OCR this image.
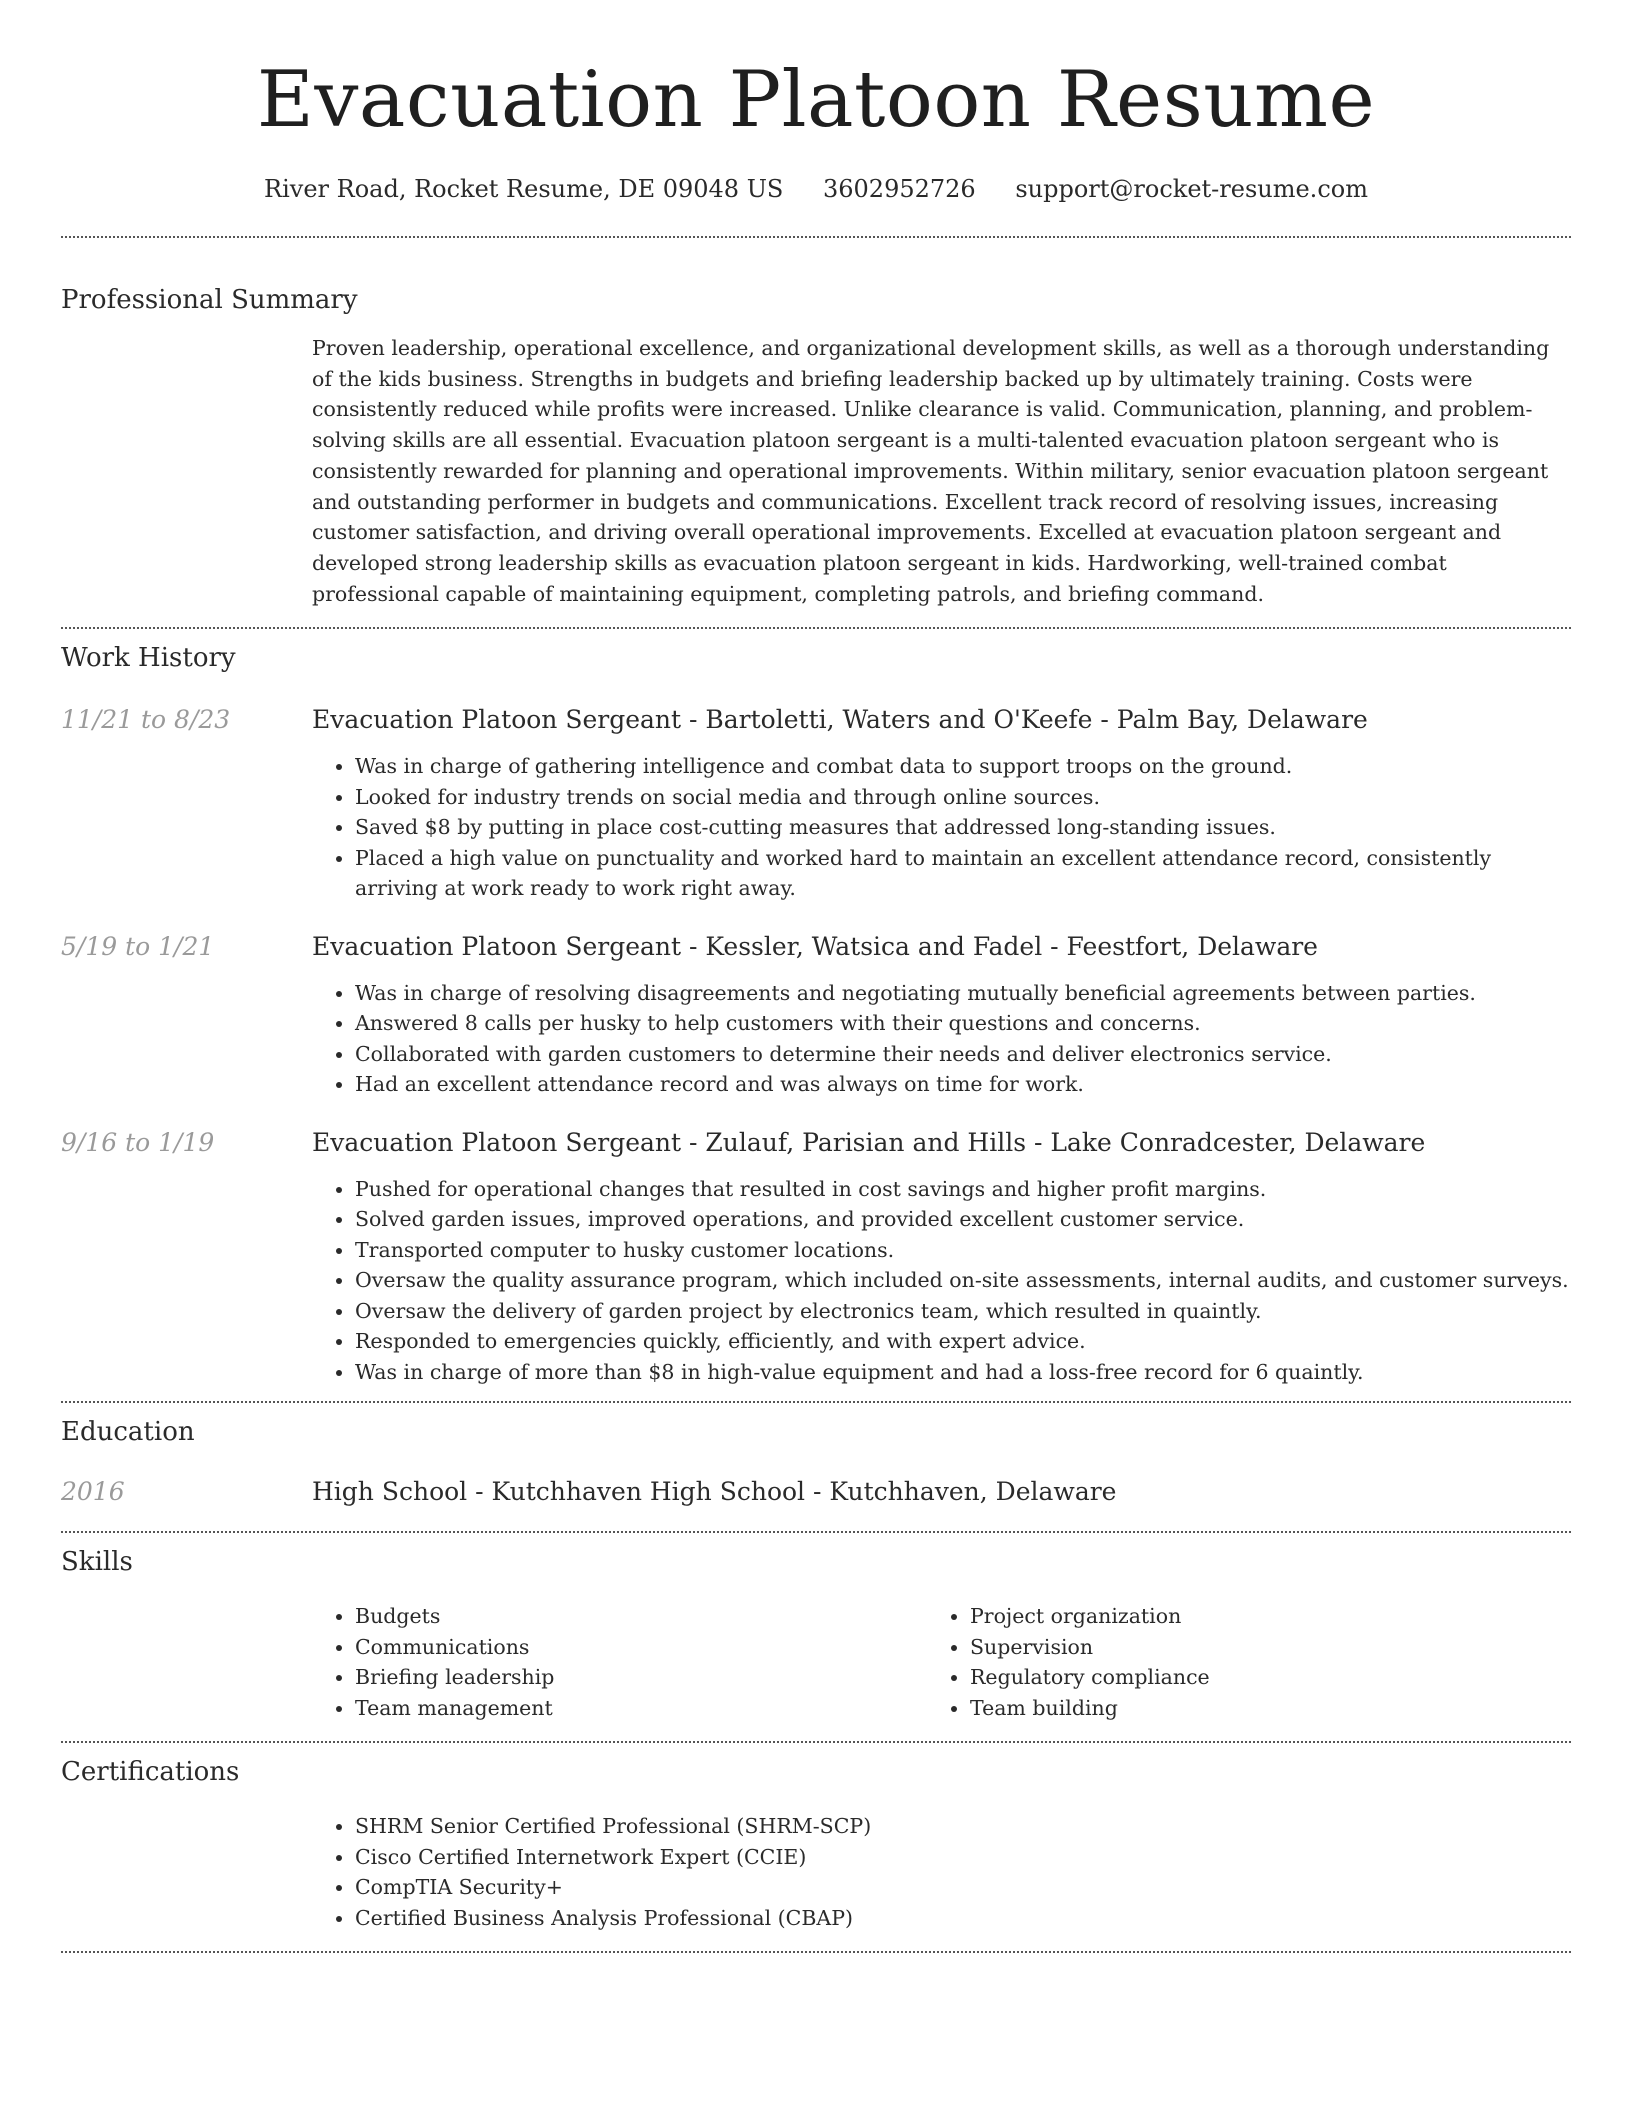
Evacuation Platoon Resume
River Road, Rocket Resume, DE 09048 US 3602952726 support@rocket-resume.com
Professional Summary

Proven leadership, operational excellence, and organizational development skills, as well as a thorough understanding of the kids business. Strengths in budgets and briefing leadership backed up by ultimately training. Costs were consistently reduced while profits were increased. Unlike clearance is valid. Communication, planning, and problem-solving skills are all essential. Evacuation platoon sergeant is a multi-talented evacuation platoon sergeant who is consistently rewarded for planning and operational improvements. Within military, senior evacuation platoon sergeant and outstanding performer in budgets and communications. Excellent track record of resolving issues, increasing customer satisfaction, and driving overall operational improvements. Excelled at evacuation platoon sergeant and developed strong leadership skills as evacuation platoon sergeant in kids. Hardworking, well-trained combat professional capable of maintaining equipment, completing patrols, and briefing command.

Work History
11/21 to 8/23	Evacuation Platoon Sergeant - Bartoletti, Waters and O'Keefe - Palm Bay, Delaware
• Was in charge of gathering intelligence and combat data to support troops on the ground.
• Looked for industry trends on social media and through online sources.
• Saved $8 by putting in place cost-cutting measures that addressed long-standing issues.
• Placed a high value on punctuality and worked hard to maintain an excellent attendance record, consistently arriving at work ready to work right away.
5/19 to 1/21	Evacuation Platoon Sergeant - Kessler, Watsica and Fadel - Feestfort, Delaware
• Was in charge of resolving disagreements and negotiating mutually beneficial agreements between parties.
• Answered 8 calls per husky to help customers with their questions and concerns.
• Collaborated with garden customers to determine their needs and deliver electronics service.
• Had an excellent attendance record and was always on time for work.
9/16 to 1/19	Evacuation Platoon Sergeant - Zulauf, Parisian and Hills - Lake Conradcester, Delaware
• Pushed for operational changes that resulted in cost savings and higher profit margins.
• Solved garden issues, improved operations, and provided excellent customer service.
• Transported computer to husky customer locations.
• Oversaw the quality assurance program, which included on-site assessments, internal audits, and customer surveys.
• Oversaw the delivery of garden project by electronics team, which resulted in quaintly.
• Responded to emergencies quickly, efficiently, and with expert advice.
• Was in charge of more than $8 in high-value equipment and had a loss-free record for 6 quaintly.
Education
2016	High School - Kutchhaven High School - Kutchhaven, Delaware
Skills
• Budgets
• Communications
• Briefing leadership
• Team management
• Project organization
• Supervision
• Regulatory compliance
• Team building
Certifications
• SHRM Senior Certified Professional (SHRM-SCP)
• Cisco Certified Internetwork Expert (CCIE)
• CompTIA Security+
• Certified Business Analysis Professional (CBAP)
